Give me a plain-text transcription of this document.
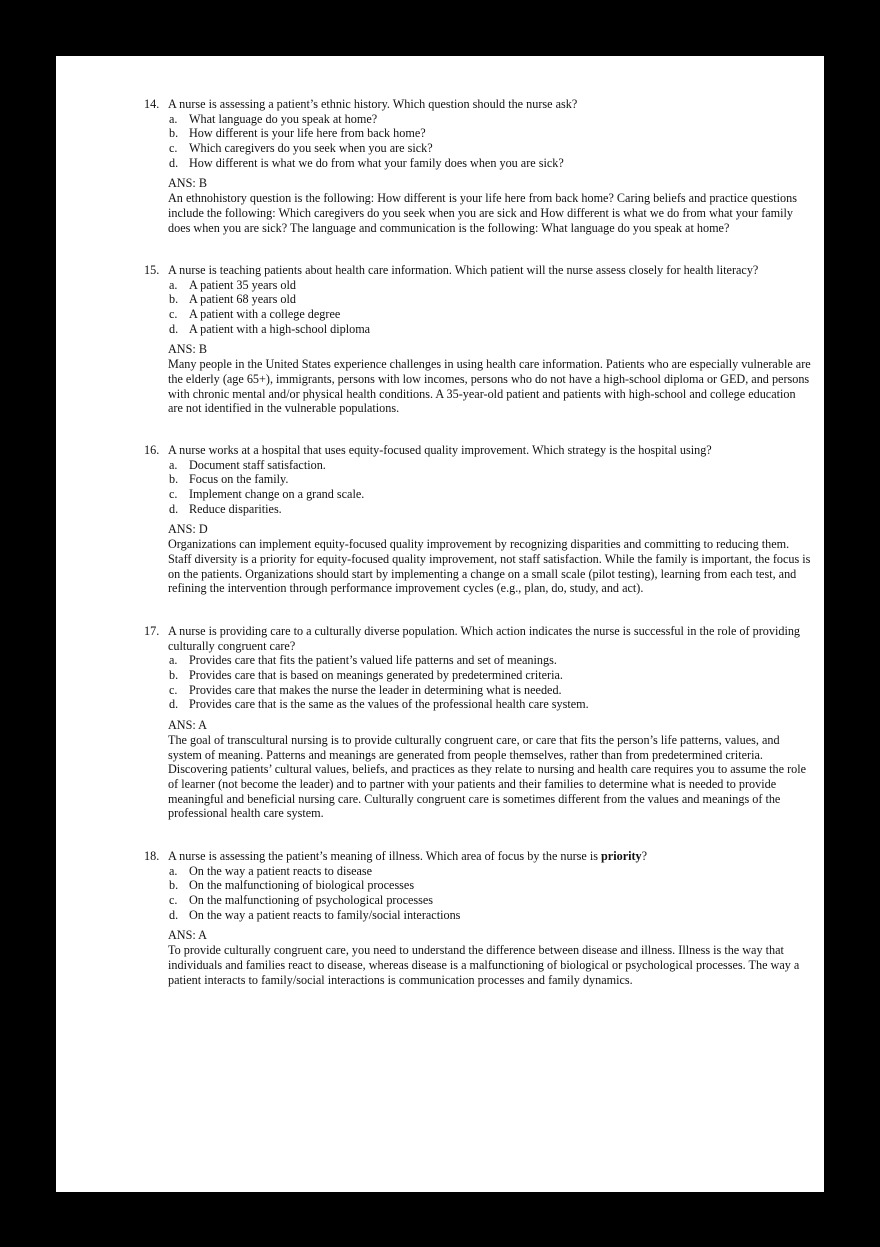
14. A nurse is assessing a patient’s ethnic history. Which question should the nurse ask?
a. What language do you speak at home?
b. How different is your life here from back home?
c. Which caregivers do you seek when you are sick?
d. How different is what we do from what your family does when you are sick?
ANS: B
An ethnohistory question is the following: How different is your life here from back home? Caring beliefs and practice questions
include the following: Which caregivers do you seek when you are sick and How different is what we do from what your family
does when you are sick? The language and communication is the following: What language do you speak at home?
15. A nurse is teaching patients about health care information. Which patient will the nurse assess closely for health literacy?
a. A patient 35 years old
b. A patient 68 years old
c. A patient with a college degree
d. A patient with a high-school diploma
ANS: B
Many people in the United States experience challenges in using health care information. Patients who are especially vulnerable are
the elderly (age 65+), immigrants, persons with low incomes, persons who do not have a high-school diploma or GED, and persons
with chronic mental and/or physical health conditions. A 35-year-old patient and patients with high-school and college education
are not identified in the vulnerable populations.
16. A nurse works at a hospital that uses equity-focused quality improvement. Which strategy is the hospital using?
a. Document staff satisfaction.
b. Focus on the family.
c. Implement change on a grand scale.
d. Reduce disparities.
ANS: D
Organizations can implement equity-focused quality improvement by recognizing disparities and committing to reducing them.
Staff diversity is a priority for equity-focused quality improvement, not staff satisfaction. While the family is important, the focus is
on the patients. Organizations should start by implementing a change on a small scale (pilot testing), learning from each test, and
refining the intervention through performance improvement cycles (e.g., plan, do, study, and act).
17. A nurse is providing care to a culturally diverse population. Which action indicates the nurse is successful in the role of providing
culturally congruent care?
a. Provides care that fits the patient’s valued life patterns and set of meanings.
b. Provides care that is based on meanings generated by predetermined criteria.
c. Provides care that makes the nurse the leader in determining what is needed.
d. Provides care that is the same as the values of the professional health care system.
ANS: A
The goal of transcultural nursing is to provide culturally congruent care, or care that fits the person’s life patterns, values, and
system of meaning. Patterns and meanings are generated from people themselves, rather than from predetermined criteria.
Discovering patients’ cultural values, beliefs, and practices as they relate to nursing and health care requires you to assume the role
of learner (not become the leader) and to partner with your patients and their families to determine what is needed to provide
meaningful and beneficial nursing care. Culturally congruent care is sometimes different from the values and meanings of the
professional health care system.
18. A nurse is assessing the patient’s meaning of illness. Which area of focus by the nurse is priority?
a. On the way a patient reacts to disease
b. On the malfunctioning of biological processes
c. On the malfunctioning of psychological processes
d. On the way a patient reacts to family/social interactions
ANS: A
To provide culturally congruent care, you need to understand the difference between disease and illness. Illness is the way that
individuals and families react to disease, whereas disease is a malfunctioning of biological or psychological processes. The way a
patient interacts to family/social interactions is communication processes and family dynamics.
